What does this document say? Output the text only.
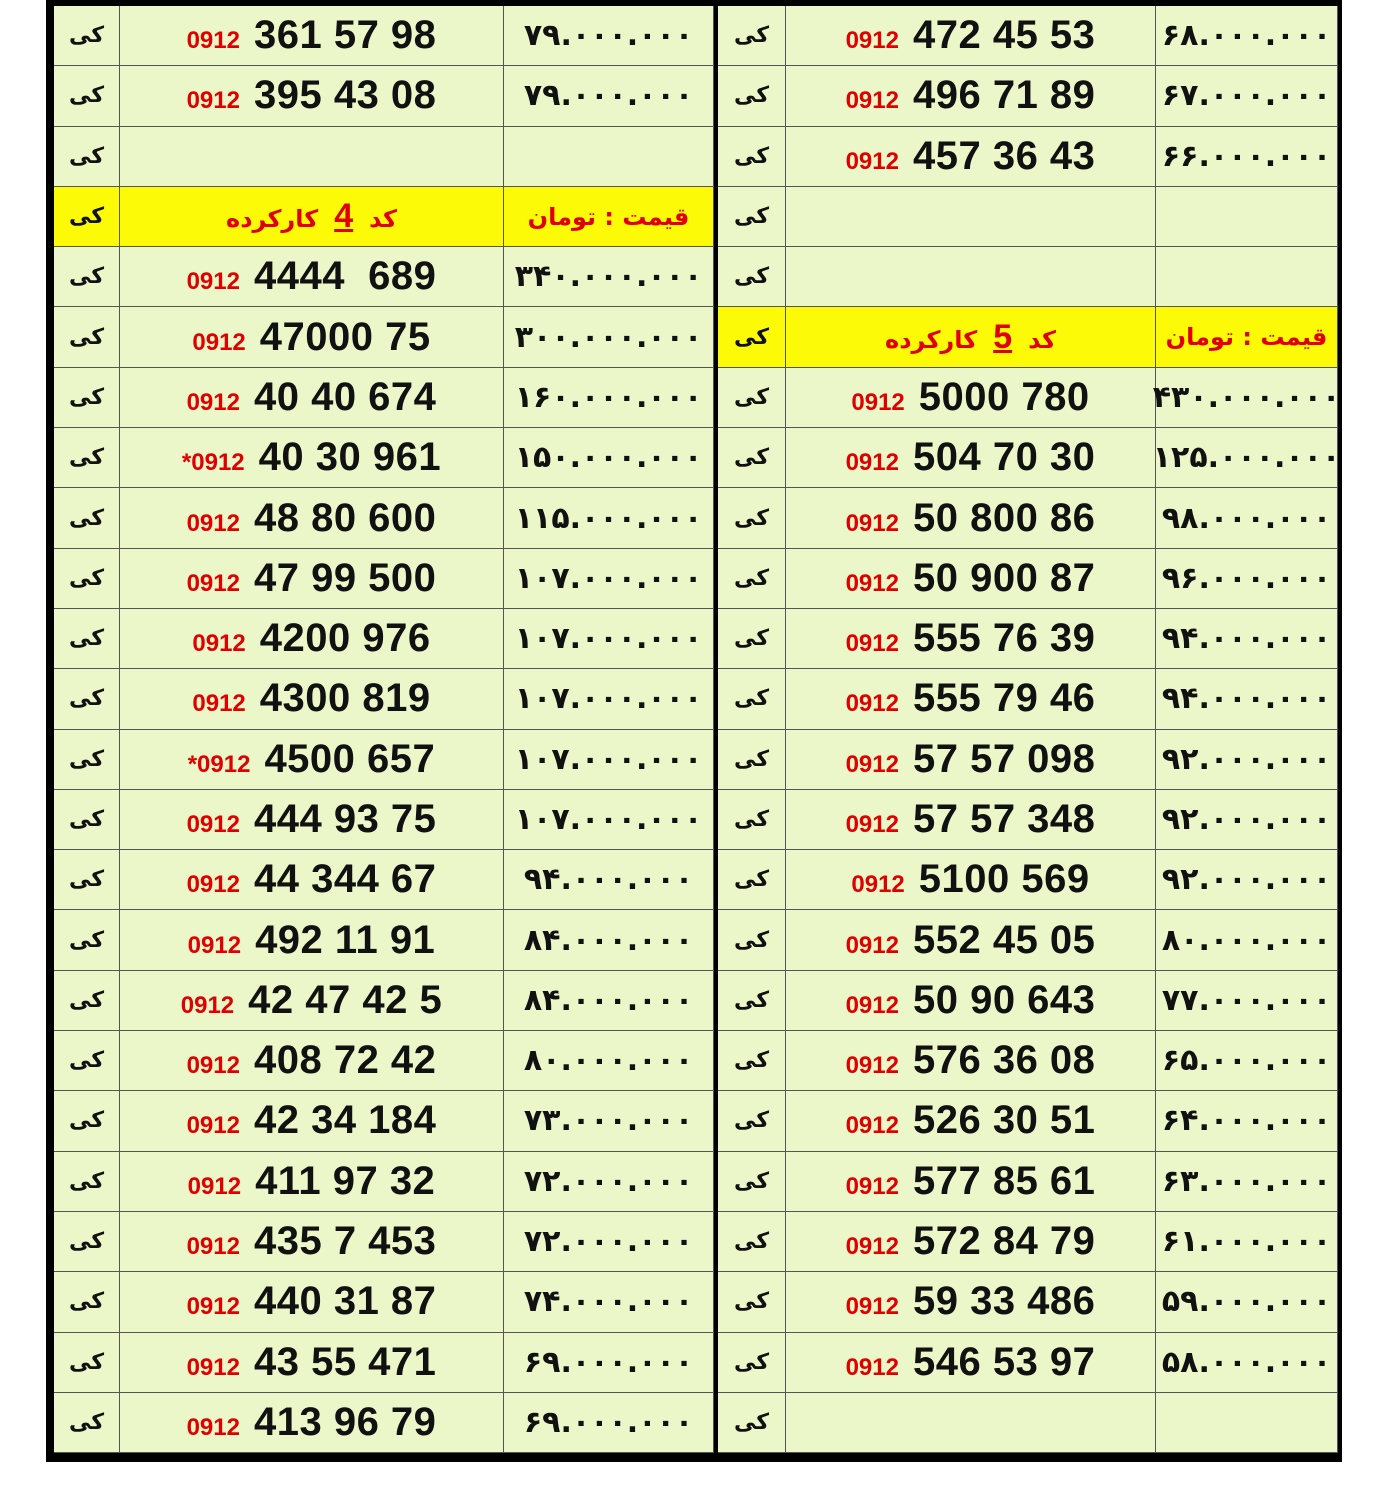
کی	0912 361 57 98	۷۹.۰۰۰.۰۰۰
کی	0912 395 43 08	۷۹.۰۰۰.۰۰۰
کی
کی	کد4کارکرده	قیمت : تومان
کی	0912 4444  689	۳۴۰.۰۰۰.۰۰۰
کی	0912 47000 75	۳۰۰.۰۰۰.۰۰۰
کی	0912 40 40 674	۱۶۰.۰۰۰.۰۰۰
کی	*0912 40 30 961 ۱۵۰.۰۰۰.۰۰۰
کی	0912 48 80 600	۱۱۵.۰۰۰.۰۰۰
کی	0912 47 99 500	۱۰۷.۰۰۰.۰۰۰
کی	0912 4200 976	۱۰۷.۰۰۰.۰۰۰
کی	0912 4300 819	۱۰۷.۰۰۰.۰۰۰
کی	*0912 4500 657	۱۰۷.۰۰۰.۰۰۰
کی	0912 444 93 75	۱۰۷.۰۰۰.۰۰۰
کی	0912 44 344 67	۹۴.۰۰۰.۰۰۰
کی	0912 492 11 91	۸۴.۰۰۰.۰۰۰
کی	0912 42 47 42 5	۸۴.۰۰۰.۰۰۰
کی	0912 408 72 42	۸۰.۰۰۰.۰۰۰
کی	0912 42 34 184	۷۳.۰۰۰.۰۰۰
کی	0912 411 97 32	۷۲.۰۰۰.۰۰۰
کی	0912 435 7 453	۷۲.۰۰۰.۰۰۰
کی	0912 440 31 87	۷۴.۰۰۰.۰۰۰
کی	0912 43 55 471	۶۹.۰۰۰.۰۰۰
کی	0912 413 96 79	۶۹.۰۰۰.۰۰۰
کی	0912 472 45 53 ۶۸.۰۰۰.۰۰۰
کی	0912 496 71 89 ۶۷.۰۰۰.۰۰۰
کی	0912 457 36 43 ۶۶.۰۰۰.۰۰۰
کی
کی
کی	کد5کارکرده	قیمت : تومان
کی	0912 5000 780 ۴۳۰.۰۰۰.۰۰۰
کی	0912 504 70 30 ۱۲۵.۰۰۰.۰۰۰
کی	0912 50 800 86 ۹۸.۰۰۰.۰۰۰
کی	0912 50 900 87 ۹۶.۰۰۰.۰۰۰
کی	0912 555 76 39 ۹۴.۰۰۰.۰۰۰
کی	0912 555 79 46 ۹۴.۰۰۰.۰۰۰
کی	0912 57 57 098 ۹۲.۰۰۰.۰۰۰
کی	0912 57 57 348 ۹۲.۰۰۰.۰۰۰
کی	0912 5100 569 ۹۲.۰۰۰.۰۰۰
کی	0912 552 45 05 ۸۰.۰۰۰.۰۰۰
کی	0912 50 90 643 ۷۷.۰۰۰.۰۰۰
کی	0912 576 36 08 ۶۵.۰۰۰.۰۰۰
کی	0912 526 30 51 ۶۴.۰۰۰.۰۰۰
کی	0912 577 85 61 ۶۳.۰۰۰.۰۰۰
کی	0912 572 84 79 ۶۱.۰۰۰.۰۰۰
کی	0912 59 33 486 ۵۹.۰۰۰.۰۰۰
کی	0912 546 53 97 ۵۸.۰۰۰.۰۰۰
کی
